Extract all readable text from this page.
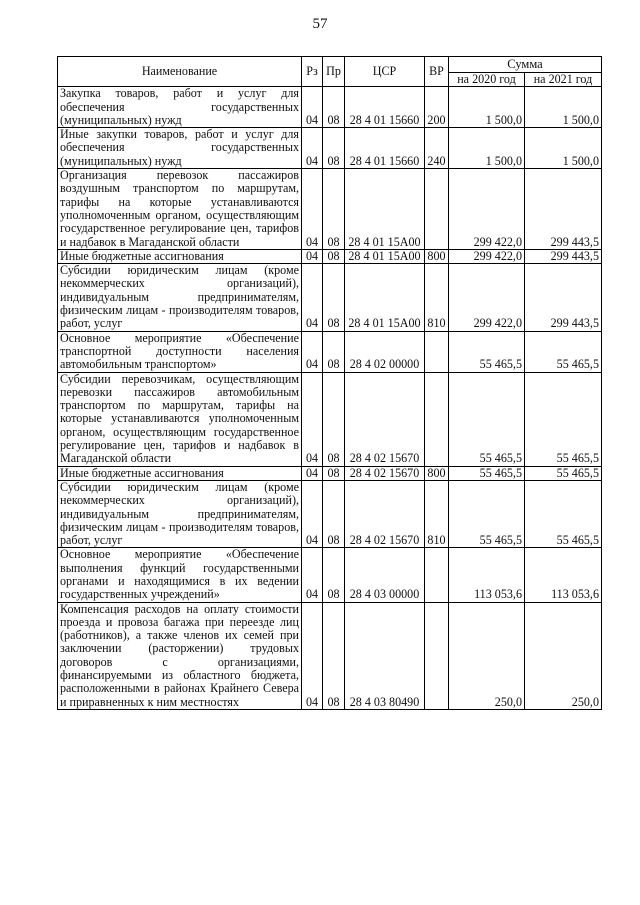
57
Наименование	Рз	Пр	ЦСР	ВР	Сумма	
					на 2020 год	на 2021 год
Закупка товаров, работ и услуг для обеспечения государственных (муниципальных) нужд	04	08	28 4 01 15660	200	1 500,0	1 500,0
Иные закупки товаров, работ и услуг для обеспечения государственных (муниципальных) нужд	04	08	28 4 01 15660	240	1 500,0	1 500,0
Организация перевозок пассажиров воздушным транспортом по маршрутам, тарифы на которые устанавливаются уполномоченным органом, осуществляющим государственное регулирование цен, тарифов и надбавок в Магаданской области	04	08	28 4 01 15А00		299 422,0	299 443,5
Иные бюджетные ассигнования	04	08	28 4 01 15А00	800	299 422,0	299 443,5
Субсидии юридическим лицам (кроме некоммерческих организаций), индивидуальным предпринимателям, физическим лицам - производителям товаров, работ, услуг	04	08	28 4 01 15А00	810	299 422,0	299 443,5
Основное мероприятие «Обеспечение транспортной доступности населения автомобильным транспортом»	04	08	28 4 02 00000		55 465,5	55 465,5
Субсидии перевозчикам, осуществляющим перевозки пассажиров автомобильным транспортом по маршрутам, тарифы на которые устанавливаются уполномоченным органом, осуществляющим государственное регулирование цен, тарифов и надбавок в Магаданской области	04	08	28 4 02 15670		55 465,5	55 465,5
Иные бюджетные ассигнования	04	08	28 4 02 15670	800	55 465,5	55 465,5
Субсидии юридическим лицам (кроме некоммерческих организаций), индивидуальным предпринимателям, физическим лицам - производителям товаров, работ, услуг	04	08	28 4 02 15670	810	55 465,5	55 465,5
Основное мероприятие «Обеспечение выполнения функций государственными органами и находящимися в их ведении государственных учреждений»	04	08	28 4 03 00000		113 053,6	113 053,6
Компенсация расходов на оплату стоимости проезда и провоза багажа при переезде лиц (работников), а также членов их семей при заключении (расторжении) трудовых договоров с организациями, финансируемыми из областного бюджета, расположенными в районах Крайнего Севера и приравненных к ним местностях	04	08	28 4 03 80490		250,0	250,0
